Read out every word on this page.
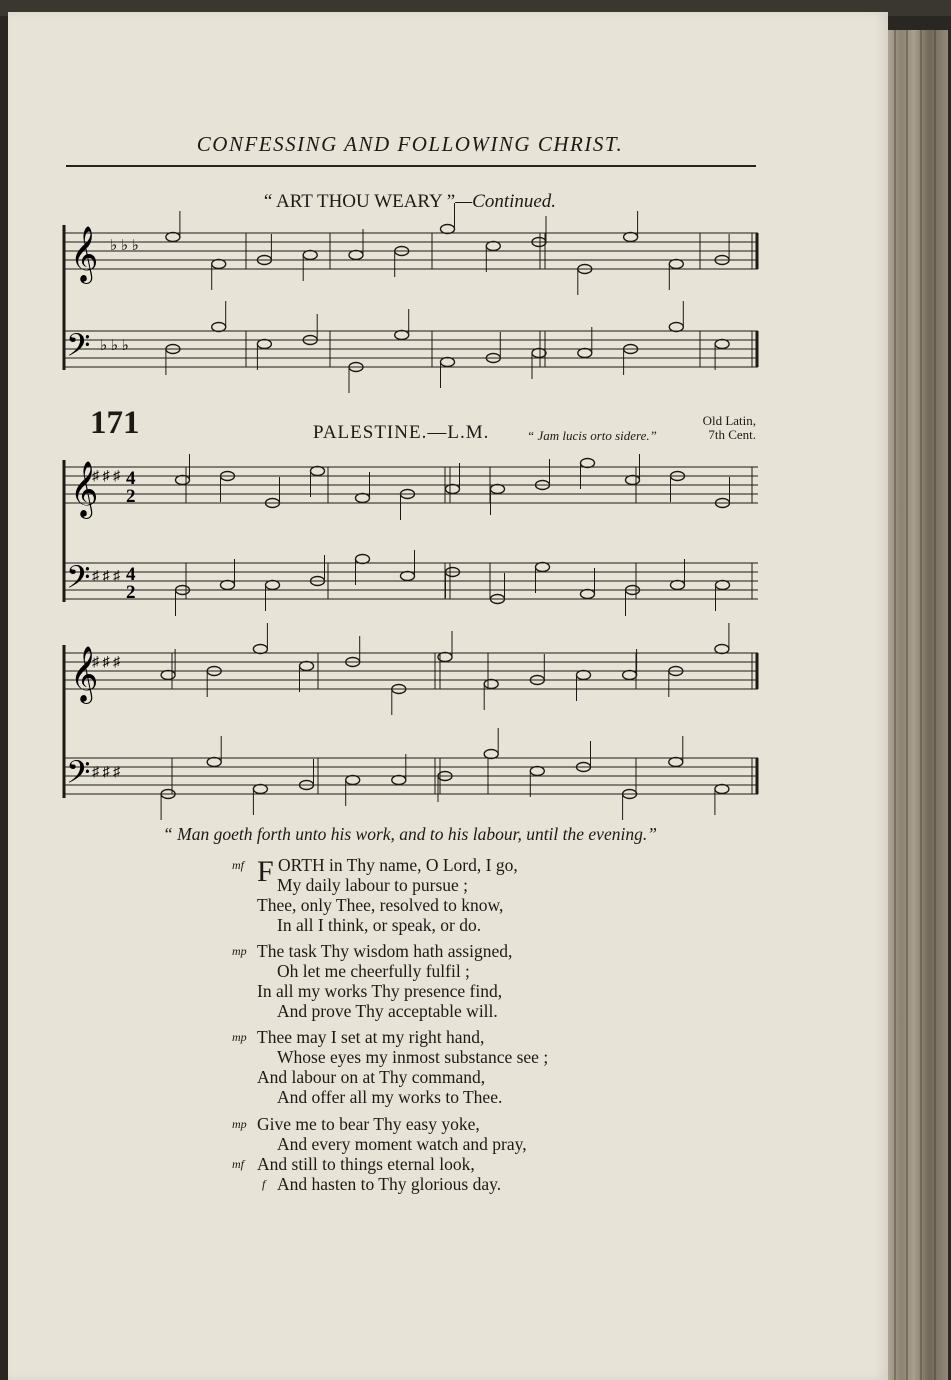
CONFESSING AND FOLLOWING CHRIST.
“ ART THOU WEARY ”—Continued.
𝄞
𝄢
♭ ♭ ♭
♭ ♭ ♭
𝄞
𝄢
♯ ♯ ♯
♯ ♯ ♯
4
2
4
2
𝄞
𝄢
♯ ♯ ♯
♯ ♯ ♯
171	PALESTINE.—L.M.	“ Jam lucis orto sidere.”
Old Latin,
7th Cent.
“ Man goeth forth unto his work, and to his labour, until the evening.”
mf F ORTH in Thy name, O Lord, I go,
My daily labour to pursue ;
Thee, only Thee, resolved to know,
In all I think, or speak, or do.
mp The task Thy wisdom hath assigned,
Oh let me cheerfully fulfil ;
In all my works Thy presence find,
And prove Thy acceptable will.
mp Thee may I set at my right hand,
Whose eyes my inmost substance see ;
And labour on at Thy command,
And offer all my works to Thee.
mp Give me to bear Thy easy yoke,
And every moment watch and pray,
mf And still to things eternal look,
f And hasten to Thy glorious day.
